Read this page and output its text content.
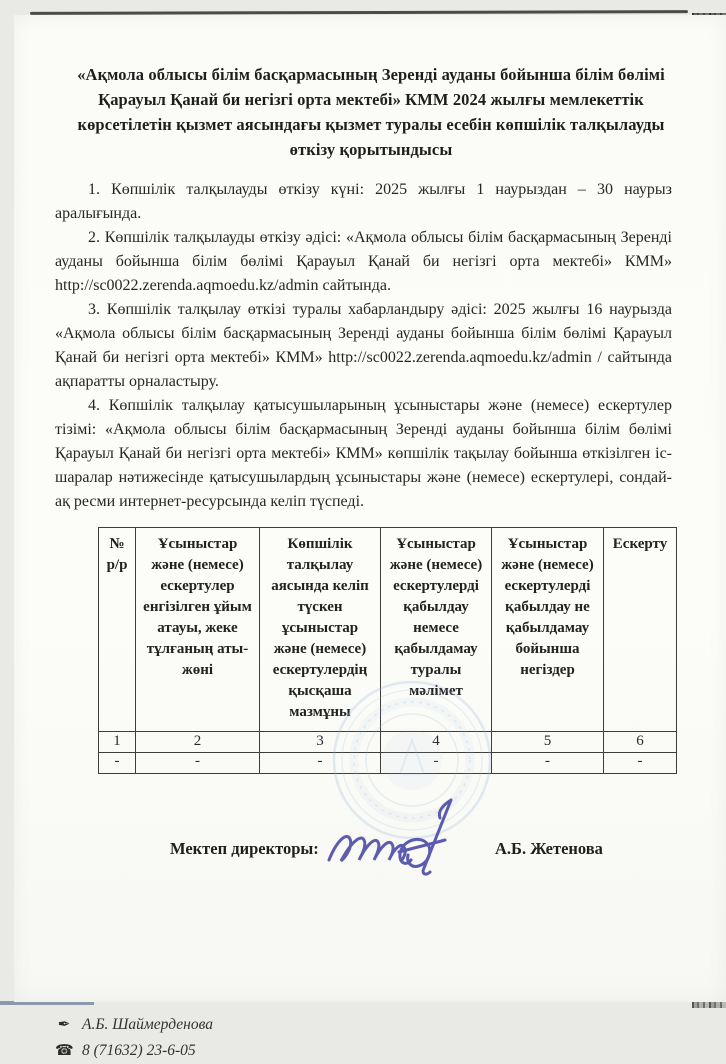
«Ақмола облысы білім басқармасының Зеренді ауданы бойынша білім бөлімі Қарауыл Қанай би негізгі орта мектебі» КММ 2024 жылғы мемлекеттік көрсетілетін қызмет аясындағы қызмет туралы есебін көпшілік талқылауды өткізу қорытындысы

1. Көпшілік талқылауды өткізу күні: 2025 жылғы 1 наурыздан – 30 наурыз аралығында.

2. Көпшілік талқылауды өткізу әдісі: «Ақмола облысы білім басқармасының Зеренді ауданы бойынша білім бөлімі Қарауыл Қанай би негізгі орта мектебі» КММ» http://sc0022.zerenda.aqmoedu.kz/admin сайтында.

3. Көпшілік талқылау өткізі туралы хабарландыру әдісі: 2025 жылғы 16 наурызда «Ақмола облысы білім басқармасының Зеренді ауданы бойынша білім бөлімі Қарауыл Қанай би негізгі орта мектебі» КММ» http://sc0022.zerenda.aqmoedu.kz/admin / сайтында ақпаратты орналастыру.

4. Көпшілік талқылау қатысушыларының ұсыныстары және (немесе) ескертулер тізімі: «Ақмола облысы білім басқармасының Зеренді ауданы бойынша білім бөлімі Қарауыл Қанай би негізгі орта мектебі» КММ» көпшілік тақылау бойынша өткізілген іс-шаралар нәтижесінде қатысушылардың ұсыныстары және (немесе) ескертулері, сондай-ақ ресми интернет-ресурсында келіп түспеді.

№ р/р	Ұсыныстар және (немесе) ескертулер енгізілген ұйым атауы, жеке тұлғаның аты-жөні	Көпшілік талқылау аясында келіп түскен ұсыныстар және (немесе) ескертулердің қысқаша мазмұны	Ұсыныстар және (немесе) ескертулерді қабылдау немесе қабылдамау туралы мәлімет	Ұсыныстар және (немесе) ескертулерді қабылдау не қабылдамау бойынша негіздер	Ескерту
1	2	3	4	5	6
-	-	-	-	-	-
Мектеп директоры:	А.Б. Жетенова
✒ А.Б. Шаймерденова
☎ 8 (71632) 23-6-05
